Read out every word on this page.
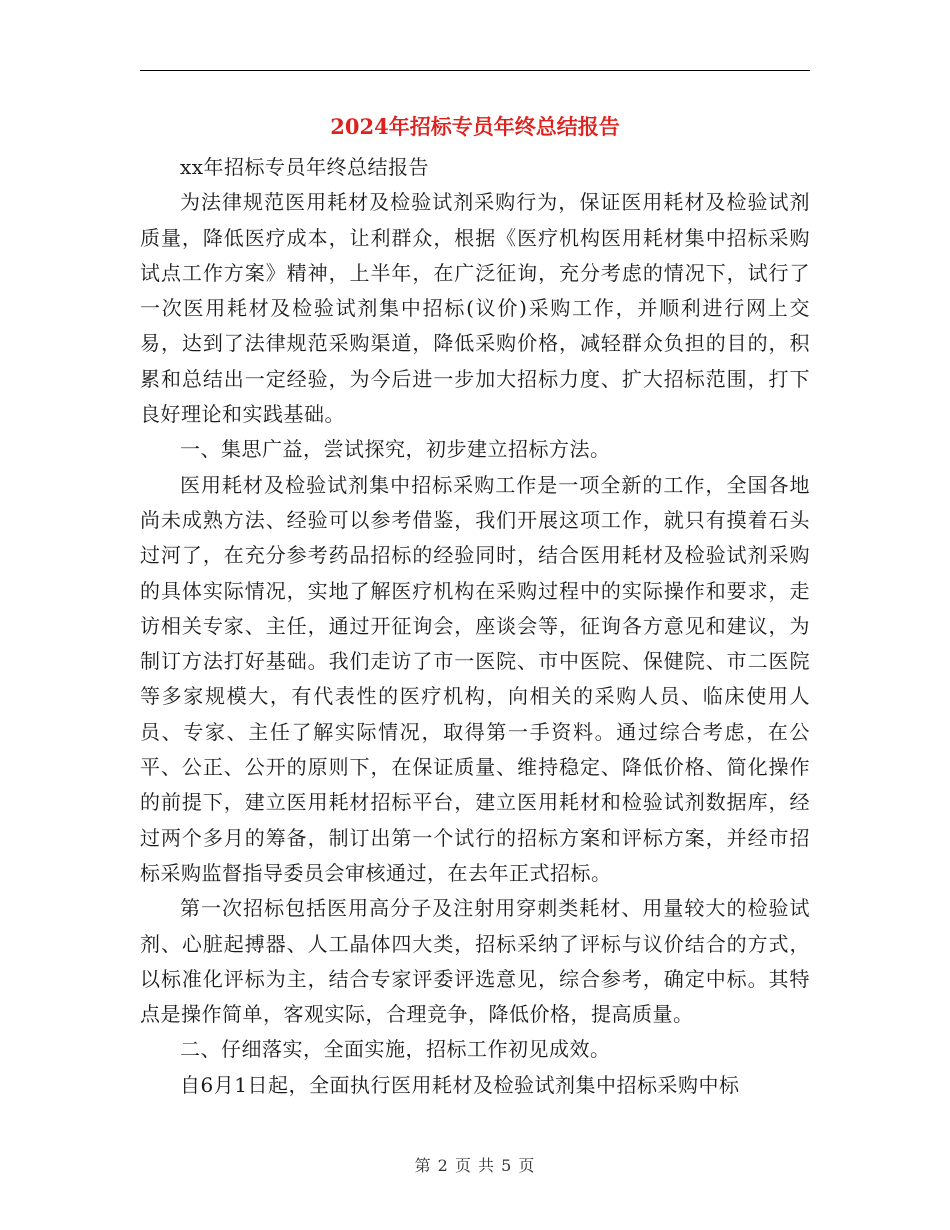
2024年招标专员年终总结报告

xx年招标专员年终总结报告

为法律规范医用耗材及检验试剂采购行为，保证医用耗材及检验试剂质量，降低医疗成本，让利群众，根据《医疗机构医用耗材集中招标采购试点工作方案》精神，上半年，在广泛征询，充分考虑的情况下，试行了一次医用耗材及检验试剂集中招标(议价)采购工作，并顺利进行网上交易，达到了法律规范采购渠道，降低采购价格，减轻群众负担的目的，积累和总结出一定经验，为今后进一步加大招标力度、扩大招标范围，打下良好理论和实践基础。

一、集思广益，尝试探究，初步建立招标方法。

医用耗材及检验试剂集中招标采购工作是一项全新的工作，全国各地尚未成熟方法、经验可以参考借鉴，我们开展这项工作，就只有摸着石头过河了，在充分参考药品招标的经验同时，结合医用耗材及检验试剂采购的具体实际情况，实地了解医疗机构在采购过程中的实际操作和要求，走访相关专家、主任，通过开征询会，座谈会等，征询各方意见和建议，为制订方法打好基础。我们走访了市一医院、市中医院、保健院、市二医院等多家规模大，有代表性的医疗机构，向相关的采购人员、临床使用人员、专家、主任了解实际情况，取得第一手资料。通过综合考虑，在公平、公正、公开的原则下，在保证质量、维持稳定、降低价格、简化操作的前提下，建立医用耗材招标平台，建立医用耗材和检验试剂数据库，经过两个多月的筹备，制订出第一个试行的招标方案和评标方案，并经市招标采购监督指导委员会审核通过，在去年正式招标。

第一次招标包括医用高分子及注射用穿刺类耗材、用量较大的检验试剂、心脏起搏器、人工晶体四大类，招标采纳了评标与议价结合的方式，以标准化评标为主，结合专家评委评选意见，综合参考，确定中标。其特点是操作简单，客观实际，合理竞争，降低价格，提高质量。

二、仔细落实，全面实施，招标工作初见成效。

自6月1日起，全面执行医用耗材及检验试剂集中招标采购中标

第 2 页 共 5 页
